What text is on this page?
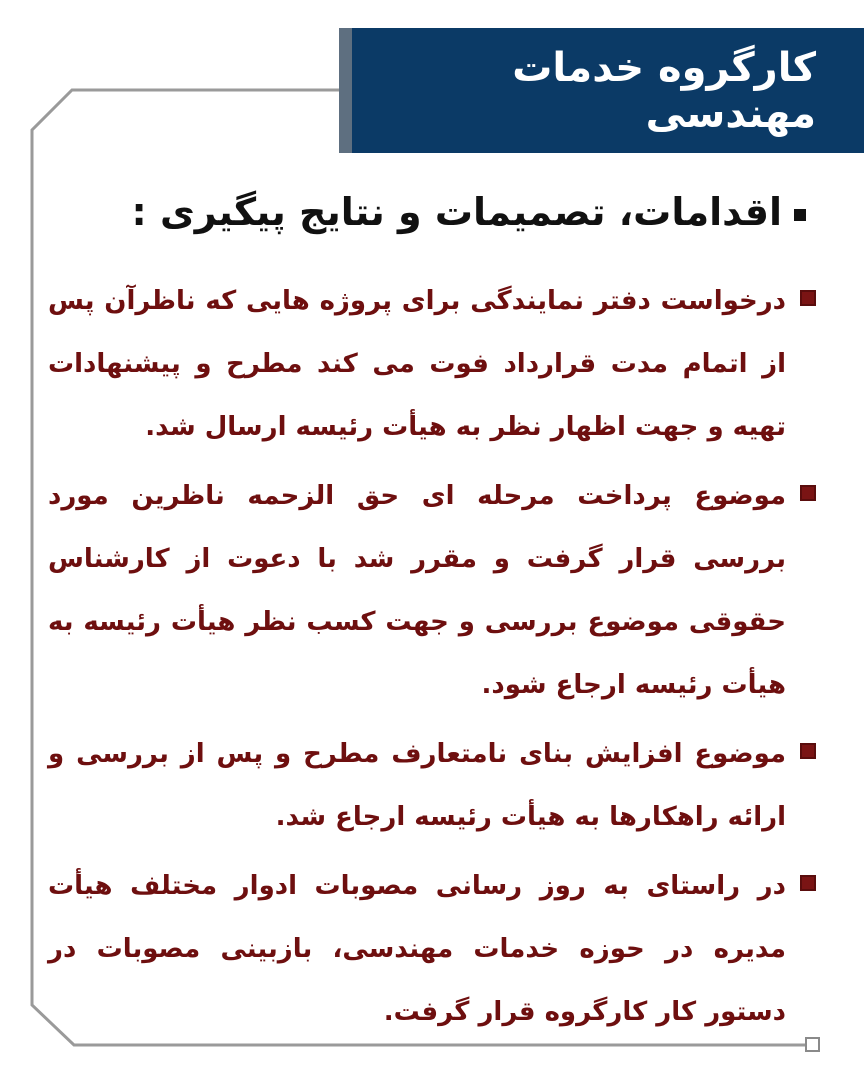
کارگروه خدمات مهندسی
اقدامات، تصمیمات و نتایج پیگیری :
درخواست دفتر نمایندگی برای پروژه هایی که ناظرآن پس از اتمام مدت قرارداد فوت می کند مطرح و پیشنهادات تهیه و جهت اظهار نظر به هیأت رئیسه ارسال شد.
موضوع پرداخت مرحله ای حق الزحمه ناظرین مورد بررسی قرار گرفت و مقرر شد با دعوت از کارشناس حقوقی موضوع بررسی و جهت کسب نظر هیأت رئیسه به هیأت رئیسه ارجاع شود.
موضوع افزایش بنای نامتعارف مطرح و پس از بررسی و ارائه راهکارها به هیأت رئیسه ارجاع شد.
در راستای به روز رسانی مصوبات ادوار مختلف هیأت مدیره در حوزه خدمات مهندسی، بازبینی مصوبات در دستور کار کارگروه قرار گرفت.
